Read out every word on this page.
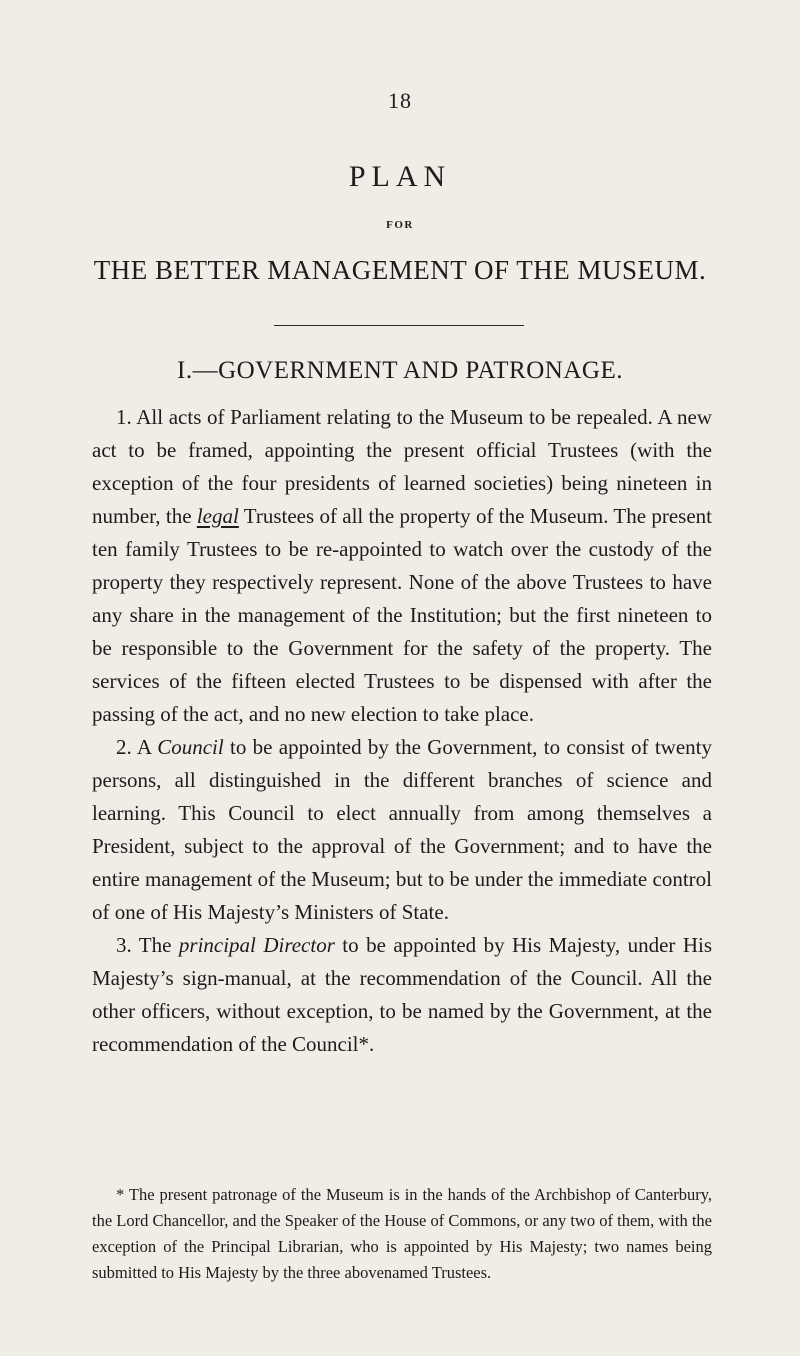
18
PLAN
FOR
THE BETTER MANAGEMENT OF THE MUSEUM.
I.—GOVERNMENT AND PATRONAGE.

1. All acts of Parliament relating to the Museum to be repealed. A new act to be framed, appointing the present official Trustees (with the exception of the four presidents of learned societies) being nineteen in number, the legal Trustees of all the property of the Museum. The present ten family Trustees to be re-appointed to watch over the custody of the property they respectively represent. None of the above Trustees to have any share in the management of the Institution; but the first nineteen to be responsible to the Government for the safety of the property. The services of the fifteen elected Trustees to be dispensed with after the passing of the act, and no new election to take place.

2. A Council to be appointed by the Government, to consist of twenty persons, all distinguished in the different branches of science and learning. This Council to elect annually from among themselves a President, subject to the approval of the Government; and to have the entire management of the Museum; but to be under the immediate control of one of His Majesty’s Ministers of State.

3. The principal Director to be appointed by His Majesty, under His Majesty’s sign-manual, at the recommendation of the Council. All the other officers, without exception, to be named by the Government, at the recommendation of the Council*.

* The present patronage of the Museum is in the hands of the Archbishop of Canterbury, the Lord Chancellor, and the Speaker of the House of Commons, or any two of them, with the exception of the Principal Librarian, who is appointed by His Majesty; two names being submitted to His Majesty by the three abovenamed Trustees.
